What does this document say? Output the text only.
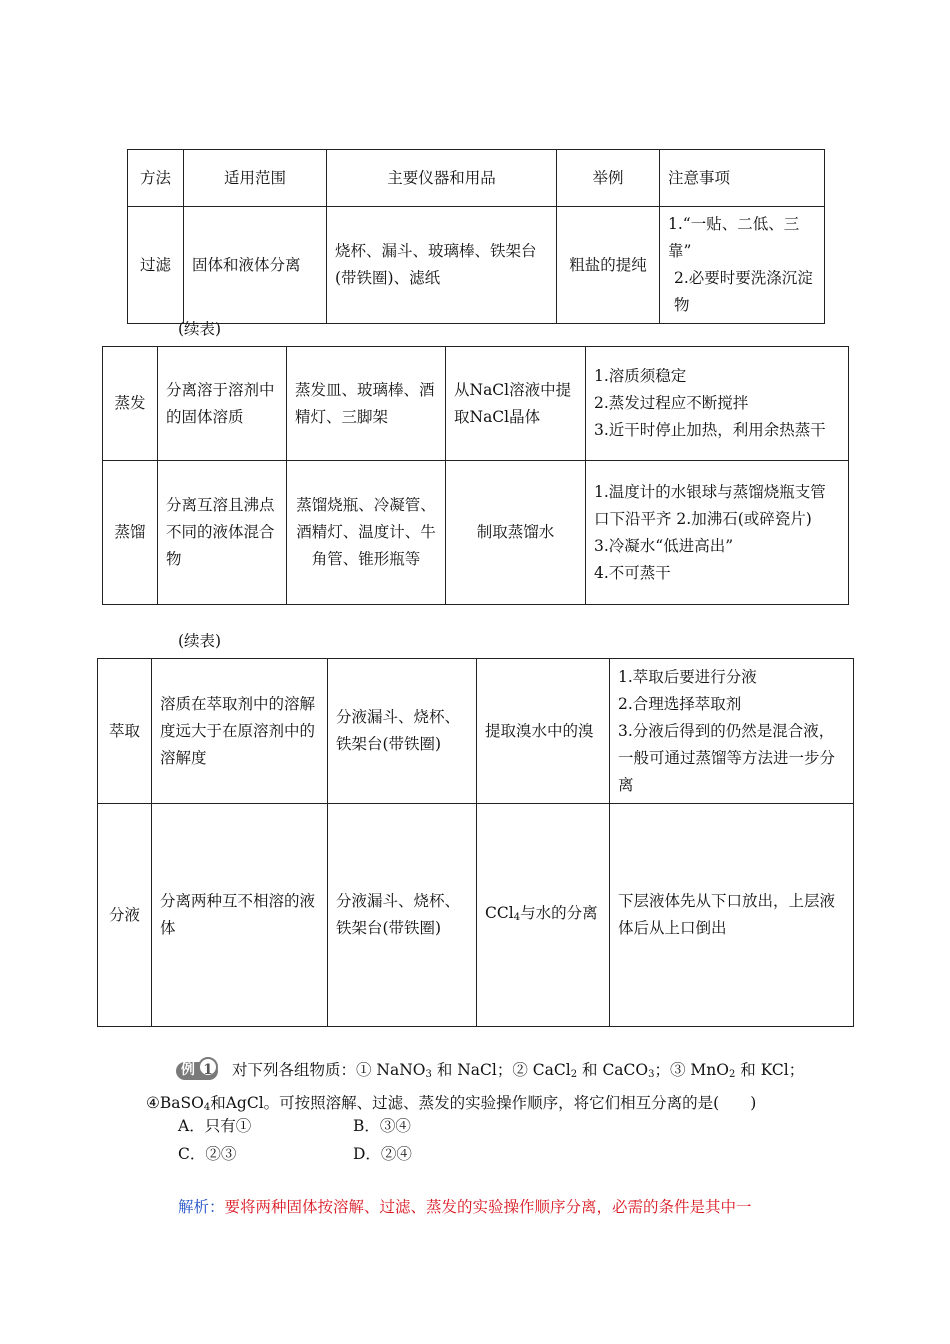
方法	适用范围	主要仪器和用品	举例	注意事项
过滤	固体和液体分离	烧杯、漏斗、玻璃棒、铁架台(带铁圈)、滤纸	粗盐的提纯	1.“一贴、二低、三靠”
2.必要时要洗涤沉淀物
(续表)
蒸发	分离溶于溶剂中的固体溶质	蒸发皿、玻璃棒、酒精灯、三脚架	从NaCl溶液中提取NaCl晶体	1.溶质须稳定
2.蒸发过程应不断搅拌
3.近干时停止加热，利用余热蒸干

蒸馏	分离互溶且沸点不同的液体混合物	蒸馏烧瓶、冷凝管、酒精灯、温度计、牛角管、锥形瓶等	制取蒸馏水	1.温度计的水银球与蒸馏烧瓶支管口下沿平齐 2.加沸石(或碎瓷片)
3.冷凝水“低进高出”
4.不可蒸干
(续表)
萃取	溶质在萃取剂中的溶解度远大于在原溶剂中的溶解度	分液漏斗、烧杯、铁架台(带铁圈)	提取溴水中的溴	1.萃取后要进行分液
2.合理选择萃取剂
3.分液后得到的仍然是混合液，一般可通过蒸馏等方法进一步分离

分液	分离两种互不相溶的液体	分液漏斗、烧杯、铁架台(带铁圈)	CCl$_4$与水的分离	下层液体先从下口放出，上层液体后从上口倒出
例 1	对下列各组物质：① NaNO$_3$ 和 NaCl；② CaCl$_2$ 和 CaCO$_3$；③ MnO$_2$ 和 KCl；
④BaSO$_4$和AgCl。可按照溶解、过滤、蒸发的实验操作顺序，将它们相互分离的是(　　)
A．只有①	B．③④
C．②③	D．②④
解析：要将两种固体按溶解、过滤、蒸发的实验操作顺序分离，必需的条件是其中一
